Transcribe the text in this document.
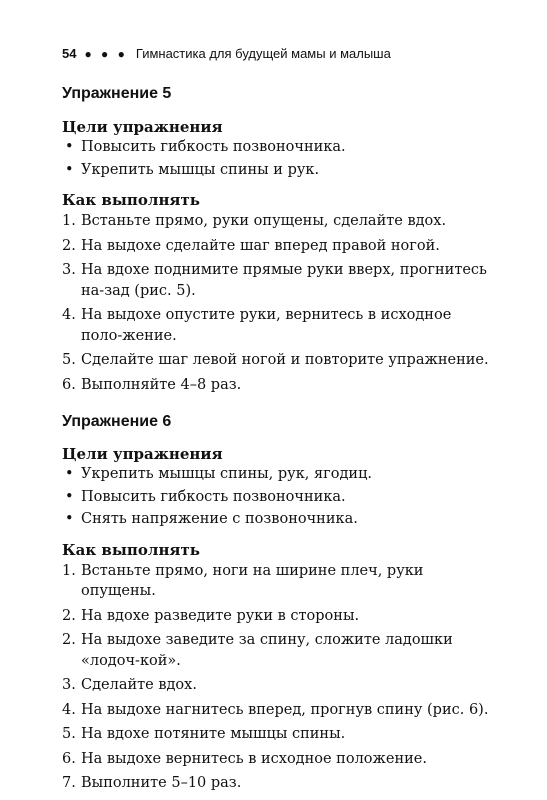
54 ● ● ● Гимнастика для будущей мамы и малыша
Упражнение 5
Цели упражнения
• Повысить гибкость позвоночника.
• Укрепить мышцы спины и рук.
Как выполнять
1. Встаньте прямо, руки опущены, сделайте вдох.
2. На выдохе сделайте шаг вперед правой ногой.
3. На вдохе поднимите прямые руки вверх, прогнитесь на-зад (рис. 5).
4. На выдохе опустите руки, вернитесь в исходное поло-жение.
5. Сделайте шаг левой ногой и повторите упражнение.
6. Выполняйте 4–8 раз.
Упражнение 6
Цели упражнения
• Укрепить мышцы спины, рук, ягодиц.
• Повысить гибкость позвоночника.
• Снять напряжение с позвоночника.
Как выполнять
1. Встаньте прямо, ноги на ширине плеч, руки опущены.
2. На вдохе разведите руки в стороны.
2. На выдохе заведите за спину, сложите ладошки «лодоч-кой».
3. Сделайте вдох.
4. На выдохе нагнитесь вперед, прогнув спину (рис. 6).
5. На вдохе потяните мышцы спины.
6. На выдохе вернитесь в исходное положение.
7. Выполните 5–10 раз.
